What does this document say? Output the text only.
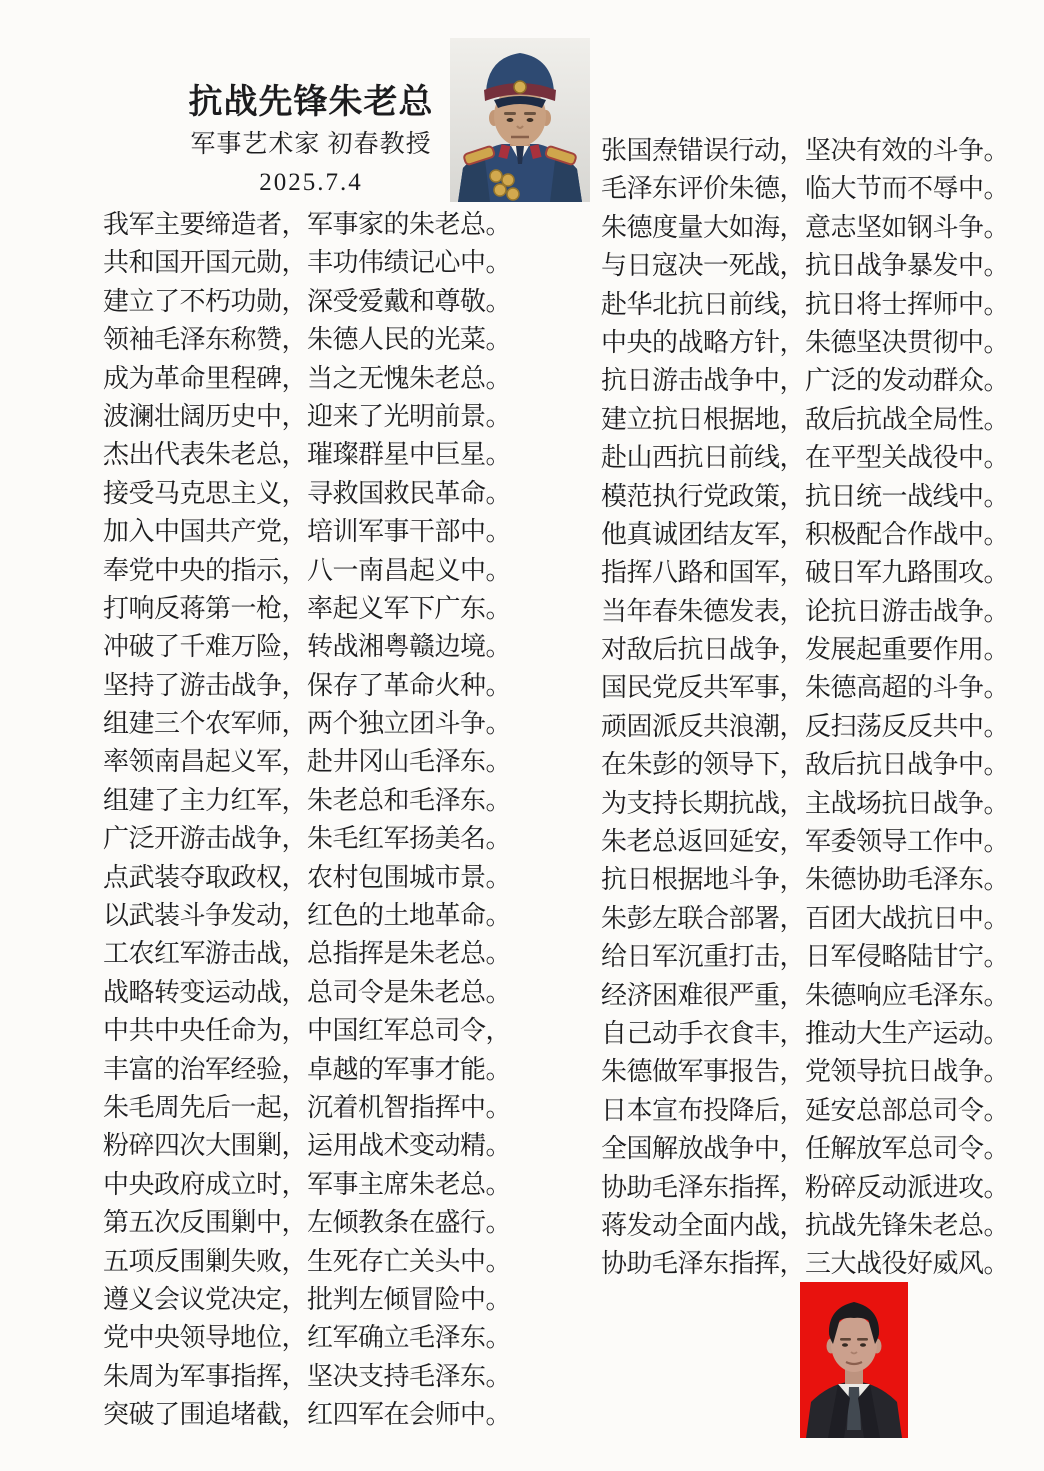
抗战先锋朱老总
军事艺术家 初春教授
2025.7.4
我军主要缔造者，军事家的朱老总。
共和国开国元勋，丰功伟绩记心中。
建立了不朽功勋，深受爱戴和尊敬。
领袖毛泽东称赞，朱德人民的光菜。
成为革命里程碑，当之无愧朱老总。
波澜壮阔历史中，迎来了光明前景。
杰出代表朱老总，璀璨群星中巨星。
接受马克思主义，寻救国救民革命。
加入中国共产党，培训军事干部中。
奉党中央的指示，八一南昌起义中。
打响反蒋第一枪，率起义军下广东。
冲破了千难万险，转战湘粤赣边境。
坚持了游击战争，保存了革命火种。
组建三个农军师，两个独立团斗争。
率领南昌起义军，赴井冈山毛泽东。
组建了主力红军，朱老总和毛泽东。
广泛开游击战争，朱毛红军扬美名。
点武装夺取政权，农村包围城市景。
以武装斗争发动，红色的土地革命。
工农红军游击战，总指挥是朱老总。
战略转变运动战，总司令是朱老总。
中共中央任命为，中国红军总司令，
丰富的治军经验，卓越的军事才能。
朱毛周先后一起，沉着机智指挥中。
粉碎四次大围剿，运用战术变动精。
中央政府成立时，军事主席朱老总。
第五次反围剿中，左倾教条在盛行。
五项反围剿失败，生死存亡关头中。
遵义会议党决定，批判左倾冒险中。
党中央领导地位，红军确立毛泽东。
朱周为军事指挥，坚决支持毛泽东。
突破了围追堵截，红四军在会师中。
张国焘错误行动，坚决有效的斗争。
毛泽东评价朱德，临大节而不辱中。
朱德度量大如海，意志坚如钢斗争。
与日寇决一死战，抗日战争暴发中。
赴华北抗日前线，抗日将士挥师中。
中央的战略方针，朱德坚决贯彻中。
抗日游击战争中，广泛的发动群众。
建立抗日根据地，敌后抗战全局性。
赴山西抗日前线，在平型关战役中。
模范执行党政策，抗日统一战线中。
他真诚团结友军，积极配合作战中。
指挥八路和国军，破日军九路围攻。
当年春朱德发表，论抗日游击战争。
对敌后抗日战争，发展起重要作用。
国民党反共军事，朱德高超的斗争。
顽固派反共浪潮，反扫荡反反共中。
在朱彭的领导下，敌后抗日战争中。
为支持长期抗战，主战场抗日战争。
朱老总返回延安，军委领导工作中。
抗日根据地斗争，朱德协助毛泽东。
朱彭左联合部署，百团大战抗日中。
给日军沉重打击，日军侵略陆甘宁。
经济困难很严重，朱德响应毛泽东。
自己动手衣食丰，推动大生产运动。
朱德做军事报告，党领导抗日战争。
日本宣布投降后，延安总部总司令。
全国解放战争中，任解放军总司令。
协助毛泽东指挥，粉碎反动派进攻。
蒋发动全面内战，抗战先锋朱老总。
协助毛泽东指挥，三大战役好威风。
